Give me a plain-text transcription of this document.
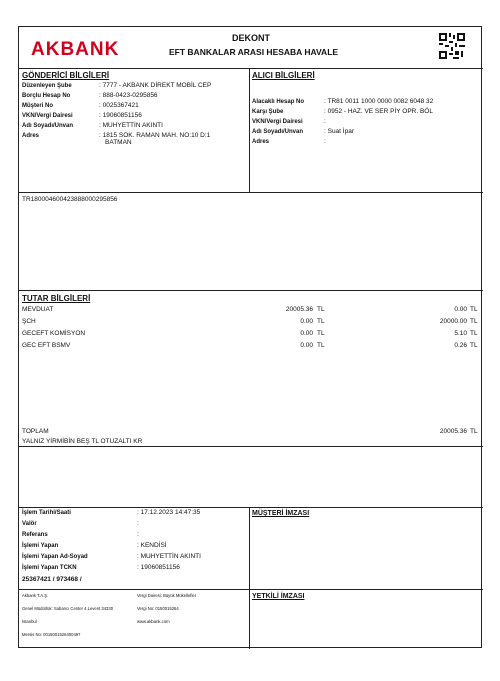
AKBANK
DEKONT
EFT BANKALAR ARASI HESABA HAVALE
GÖNDERİCİ BİLGİLERİ
Düzenleyen Şube	: 7777 - AKBANK DİREKT MOBİL CEP
Borçlu Hesap No	: 888-0423-0295856
Müşteri No	: 0025367421
VKN/Vergi Dairesi	: 19060851156
Adı Soyadı/Unvan	: MUHYETTİN AKINTI
Adres	: 1815 SOK. RAMAN MAH. NO:10 D:1
BATMAN
ALICI BİLGİLERİ
Alacaklı Hesap No	: TR81 0011 1000 0000 0082 6048 32
Karşı Şube	: 0952 - HAZ. VE SER PİY OPR. BÖL
VKN/Vergi Dairesi	:
Adı Soyadı/Unvan	: Suat İpar
Adres	:
TR180004600423888000295856
TUTAR BİLGİLERİ
MEVDUAT	20005.36 TL	0.00 TL
ŞCH	0.00 TL	20000.00 TL
GECEFT KOMİSYON	0.00 TL	5.10 TL
GEC EFT BSMV	0.00 TL	0.26 TL
TOPLAM	20005.36 TL
YALNIZ YİRMİBİN BEŞ TL OTUZALTI KR
İşlem Tarihi/Saati	: 17.12.2023 14:47:35
Valör	:
Referans	:
İşlemi Yapan	: KENDİSİ
İşlemi Yapan Ad-Soyad	: MUHYETTİN AKINTI
İşlemi Yapan TCKN	: 19060851156
25367421 / 973468 /
MÜŞTERİ İMZASI
YETKİLİ İMZASI
Akbank T.A.Ş.
Genel Müdürlük: Sabancı Center 4.Levent 34330
İstanbul
Mersis No: 0015001526400497
Vergi Dairesi: Büyük Mükellefler
Vergi No: 0150015264
www.akbank.com
